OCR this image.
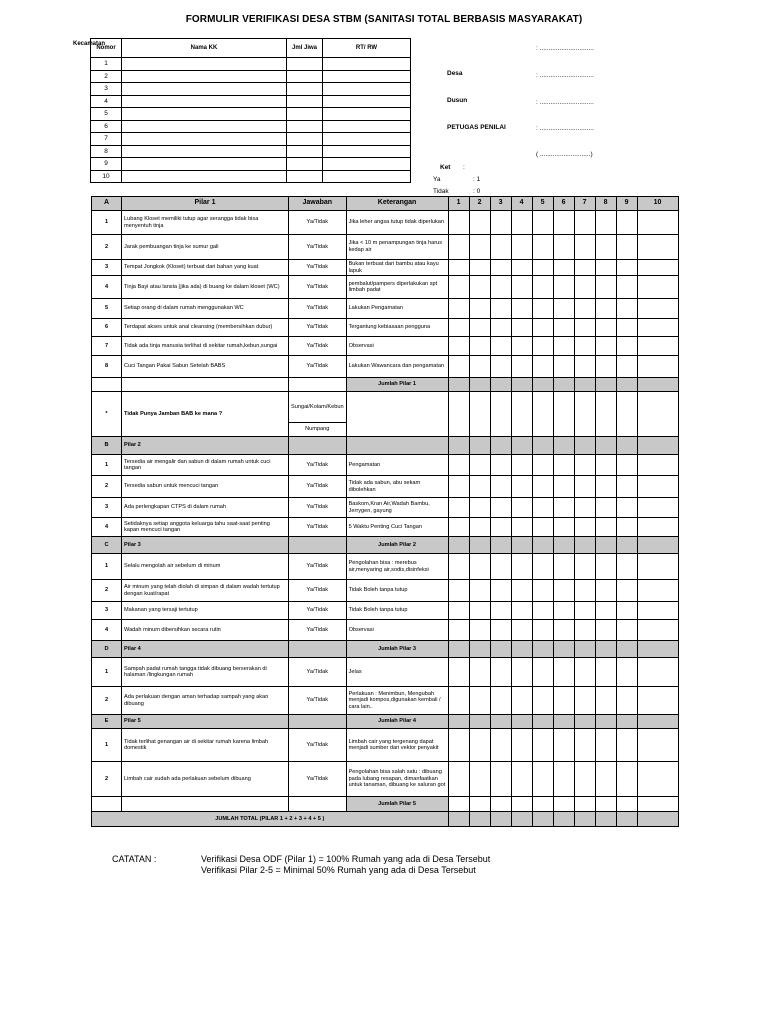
FORMULIR VERIFIKASI DESA STBM (SANITASI TOTAL BERBASIS MASYARAKAT)
Kecamatan
Nomor	Nama KK	Jml Jiwa	RT/ RW
1			
2			
3			
4			
5			
6			
7			
8			
9			
10			
: ..............................
Desa	: ..............................
Dusun	: ..............................
PETUGAS PENILAI	: ..............................
( ............................)
Ket :
Ya	: 1
Tidak	: 0
A	Pilar 1	Jawaban	Keterangan	1	2	3	4	5	6	7	8	9	10
1	Lubang Kloset memiliki tutup agar serangga tidak bisa menyentuh tinja	Ya/Tidak	Jika leher angsa tutup tidak diperlukan										
2	Jarak pembuangan tinja ke sumur gali	Ya/Tidak	Jika < 10 m penampungan tinja harus kedap air										
3	Tempat Jongkok (Kloset) terbuat dari bahan yang kuat	Ya/Tidak	Bukan terbuat dari bambu atau kayu lapuk										
4	Tinja Bayi atau lansia (jika ada) di buang ke dalam kloset (WC)	Ya/Tidak	pembalut/pampers diperlakukan spt limbah padat										
5	Setiap orang di dalam rumah menggunakan WC	Ya/Tidak	Lakukan Pengamatan										
6	Terdapat akses untuk anal cleansing (membersihkan dubur)	Ya/Tidak	Tergantung kebiasaan pengguna										
7	Tidak ada tinja manusia terlihat di sekitar rumah,kebun,sungai	Ya/Tidak	Observasi										
8	Cuci Tangan Pakai Sabun Setelah BABS	Ya/Tidak	Lakukan Wawancara dan pengamatan										
			Jumlah Pilar 1										
*	Tidak Punya Jamban BAB ke mana ?	Sungai/Kolam/Kebun											
		Numpang											
B	Pilar 2												
1	Tersedia air mengalir dan sabun di dalam rumah untuk cuci tangan	Ya/Tidak	Pengamatan										
2	Tersedia sabun untuk mencuci tangan	Ya/Tidak	Tidak ada sabun, abu sekam dibolehkan										
3	Ada perlengkapan CTPS di dalam rumah	Ya/Tidak	Baskom,Kran Air,Wadah Bambu, Jerrygen, gayung										
4	Setidaknya setiap anggota keluarga tahu saat-saat penting kapan mencuci tangan	Ya/Tidak	5 Waktu Penting Cuci Tangan										
C	Pilar 3		Jumlah Pilar 2										
1	Selalu mengolah air sebelum di minum	Ya/Tidak	Pengolahan bisa : merebus air,menyaring air,sodis,disinfeksi										
2	Air minum yang telah diolah di simpan di dalam wadah tertutup dengan kuat/rapat	Ya/Tidak	Tidak Boleh tanpa tutup										
3	Makanan yang tersaji tertutup	Ya/Tidak	Tidak Boleh tanpa tutup										
4	Wadah minum dibersihkan secara rutin	Ya/Tidak	Observasi										
D	Pilar 4		Jumlah Pilar 3										
1	Sampah padat rumah tangga tidak dibuang berserakan di halaman /lingkungan rumah	Ya/Tidak	Jelas										
2	Ada perlakuan dengan aman terhadap sampah yang akan dibuang	Ya/Tidak	Perlakuan : Menimbun, Mengubah menjadi kompos,digunakan kembali / cara lain..										
E	Pilar 5		Jumlah Pilar 4										
1	Tidak terlihat genangan air di sekitar rumah karena limbah domestik	Ya/Tidak	Limbah cair yang tergenang dapat menjadi sumber dari vektor penyakit										
2	Limbah cair sudah ada perlakuan sebelum dibuang	Ya/Tidak	Pengolahan bisa salah satu : dibuang pada lubang resapan, dimanfaatkan untuk tanaman, dibuang ke saluran got										
			Jumlah Pilar 5										
JUMLAH TOTAL (PILAR 1 + 2 + 3 + 4 + 5 )													
CATATAN :	Verifikasi Desa ODF (Pilar 1) = 100% Rumah yang ada di Desa Tersebut
Verifikasi Pilar 2-5 = Minimal 50% Rumah yang ada di Desa Tersebut
